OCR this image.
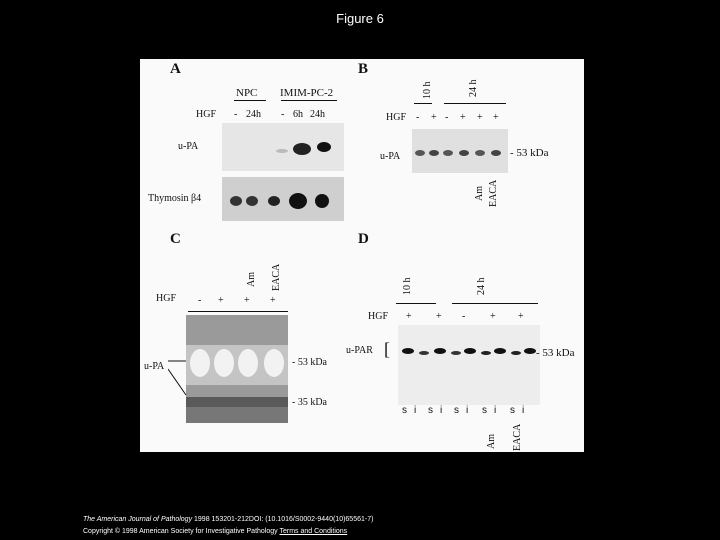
Figure 6
A
NPC IMIM-PC-2
HGF - 24h - 6h 24h
u-PA
Thymosin β4
B
10 h	24 h
HGF - + - + + +
u-PA	- 53 kDa
Am EACA
C
Am EACA
HGF - + + +
u-PA	- 53 kDa
- 35 kDa
D
10 h	24 h
HGF + + - + +
u-PAR [	- 53 kDa
s i s i s i s i s i
Am EACA
The American Journal of Pathology 1998 153201-212DOI: (10.1016/S0002-9440(10)65561-7)
Copyright © 1998 American Society for Investigative Pathology Terms and Conditions
